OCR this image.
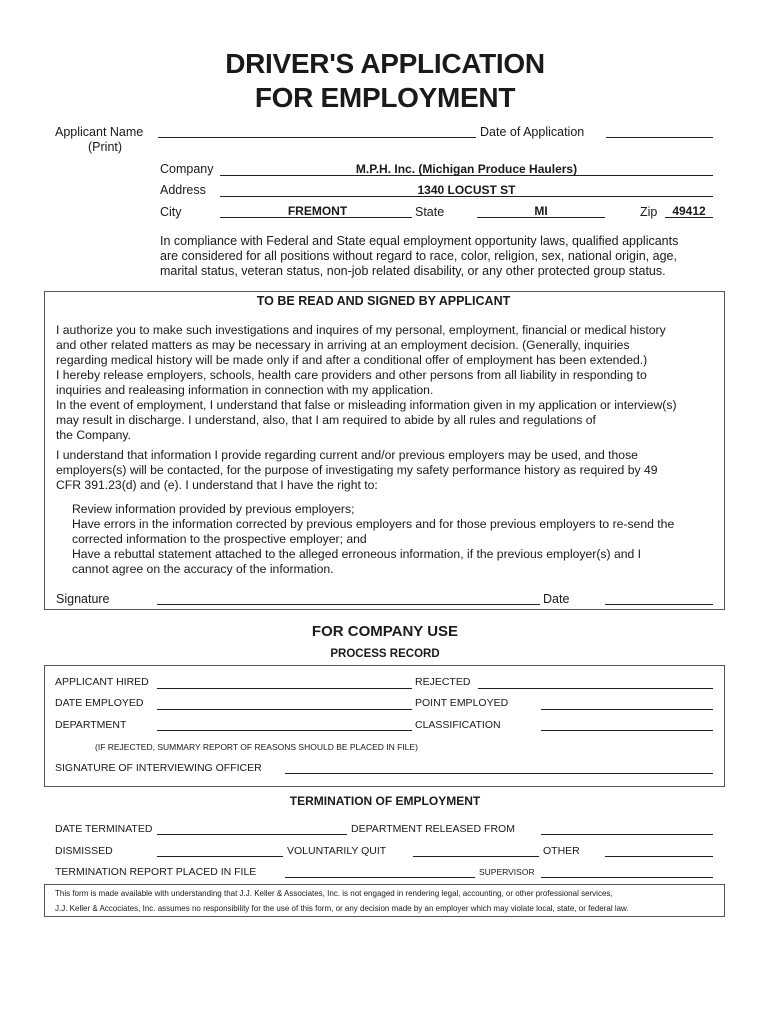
DRIVER'S APPLICATION
FOR EMPLOYMENT
Applicant Name
(Print)
Date of Application
Company	M.P.H. Inc. (Michigan Produce Haulers)
Address	1340 LOCUST ST
City	FREMONT	State	MI	Zip	49412
In compliance with Federal and State equal employment opportunity laws, qualified applicants
are considered for all positions without regard to race, color, religion, sex, national origin, age,
marital status, veteran status, non-job related disability, or any other protected group status.
TO BE READ AND SIGNED BY APPLICANT
I authorize you to make such investigations and inquires of my personal, employment, financial or medical history
and other related matters as may be necessary in arriving at an employment decision. (Generally, inquiries
regarding medical history will be made only if and after a conditional offer of employment has been extended.)
I hereby release employers, schools, health care providers and other persons from all liability in responding to
inquiries and realeasing information in connection with my application.
In the event of employment, I understand that false or misleading information given in my application or interview(s)
may result in discharge. I understand, also, that I am required to abide by all rules and regulations of
the Company.
I understand that information I provide regarding current and/or previous employers may be used, and those
employers(s) will be contacted, for the purpose of investigating my safety performance history as required by 49
CFR 391.23(d) and (e). I understand that I have the right to:
Review information provided by previous employers;
Have errors in the information corrected by previous employers and for those previous employers to re-send the
corrected information to the prospective employer; and
Have a rebuttal statement attached to the alleged erroneous information, if the previous employer(s) and I
cannot agree on the accuracy of the information.
Signature	Date
FOR COMPANY USE
PROCESS RECORD
APPLICANT HIRED	REJECTED
DATE EMPLOYED	POINT EMPLOYED
DEPARTMENT	CLASSIFICATION
(IF REJECTED, SUMMARY REPORT OF REASONS SHOULD BE PLACED IN FILE)
SIGNATURE OF INTERVIEWING OFFICER
TERMINATION OF EMPLOYMENT
DATE TERMINATED	DEPARTMENT RELEASED FROM
DISMISSED	VOLUNTARILY QUIT	OTHER
TERMINATION REPORT PLACED IN FILE	SUPERVISOR
This form is made available with understanding that J.J. Keller & Associates, Inc. is not engaged in rendering legal, accounting, or other professional services,
J.J. Keller & Accociates, Inc. assumes no responsibility for the use of this form, or any decision made by an employer which may violate local, state, or federal law.
